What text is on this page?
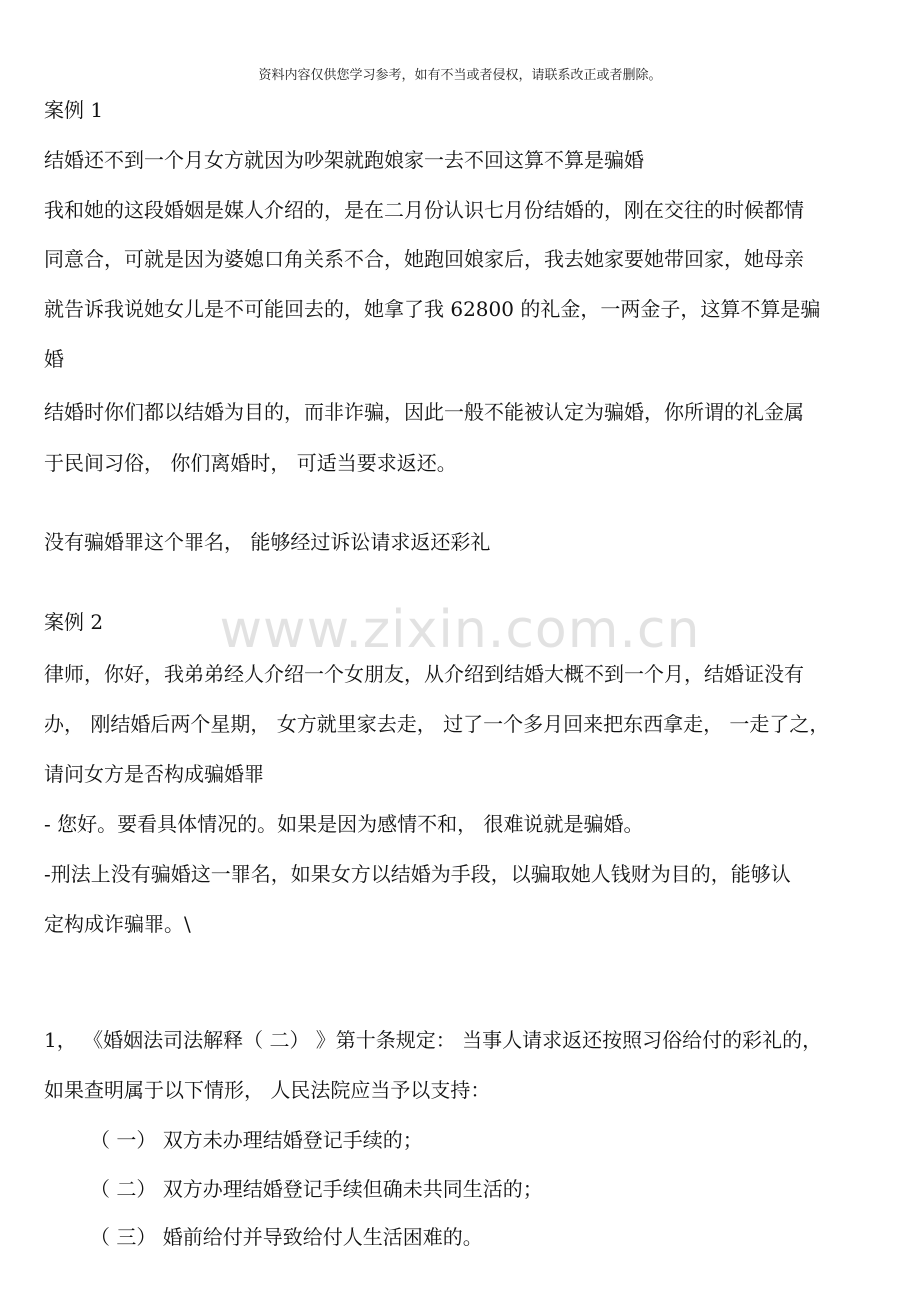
资料内容仅供您学习参考，如有不当或者侵权，请联系改正或者删除。
www.zixin.com.cn
案例 1
结婚还不到一个月女方就因为吵架就跑娘家一去不回这算不算是骗婚
我和她的这段婚姻是媒人介绍的，是在二月份认识七月份结婚的，刚在交往的时候都情
同意合，可就是因为婆媳口角关系不合，她跑回娘家后，我去她家要她带回家，她母亲
就告诉我说她女儿是不可能回去的，她拿了我 62800 的礼金，一两金子，这算不算是骗
婚
结婚时你们都以结婚为目的，而非诈骗，因此一般不能被认定为骗婚，你所谓的礼金属
于民间习俗， 你们离婚时， 可适当要求返还。
没有骗婚罪这个罪名， 能够经过诉讼请求返还彩礼
案例 2
律师，你好，我弟弟经人介绍一个女朋友，从介绍到结婚大概不到一个月，结婚证没有
办， 刚结婚后两个星期， 女方就里家去走， 过了一个多月回来把东西拿走， 一走了之，
请问女方是否构成骗婚罪
- 您好。要看具体情况的。如果是因为感情不和， 很难说就是骗婚。
-刑法上没有骗婚这一罪名，如果女方以结婚为手段，以骗取她人钱财为目的，能够认
定构成诈骗罪。\
1， 《婚姻法司法解释（ 二） 》第十条规定： 当事人请求返还按照习俗给付的彩礼的，
如果查明属于以下情形， 人民法院应当予以支持：
（ 一） 双方未办理结婚登记手续的；
（ 二） 双方办理结婚登记手续但确未共同生活的；
（ 三） 婚前给付并导致给付人生活困难的。
